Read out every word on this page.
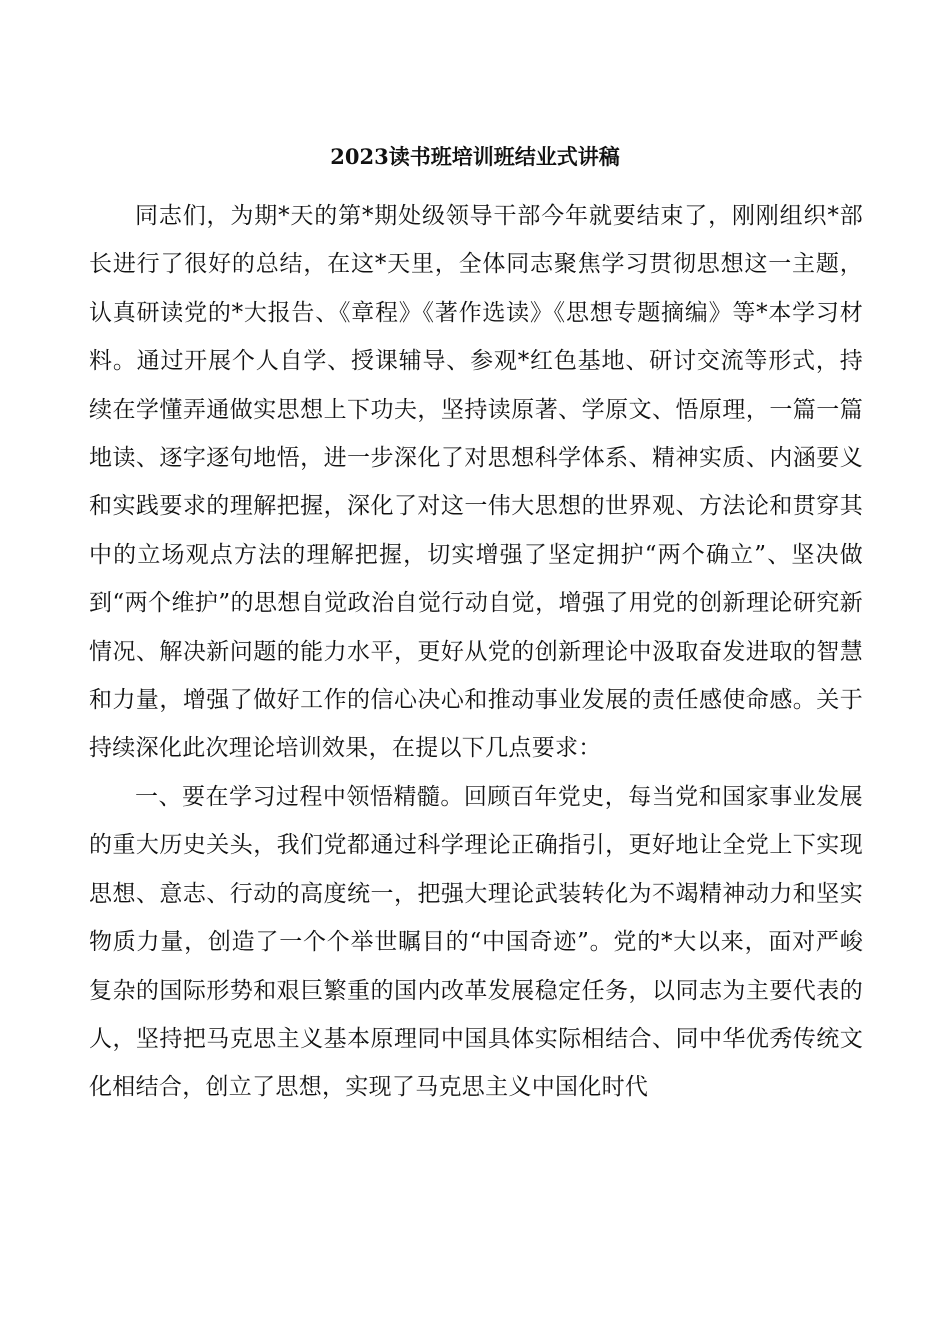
2023读书班培训班结业式讲稿

同志们，为期*天的第*期处级领导干部今年就要结束了，刚刚组织*部长进行了很好的总结，在这*天里，全体同志聚焦学习贯彻思想这一主题，认真研读党的*大报告、《章程》《著作选读》《思想专题摘编》等*本学习材料。通过开展个人自学、授课辅导、参观*红色基地、研讨交流等形式，持续在学懂弄通做实思想上下功夫，坚持读原著、学原文、悟原理，一篇一篇地读、逐字逐句地悟，进一步深化了对思想科学体系、精神实质、内涵要义和实践要求的理解把握，深化了对这一伟大思想的世界观、方法论和贯穿其中的立场观点方法的理解把握，切实增强了坚定拥护“两个确立”、坚决做到“两个维护”的思想自觉政治自觉行动自觉，增强了用党的创新理论研究新情况、解决新问题的能力水平，更好从党的创新理论中汲取奋发进取的智慧和力量，增强了做好工作的信心决心和推动事业发展的责任感使命感。关于持续深化此次理论培训效果，在提以下几点要求：

一、要在学习过程中领悟精髓。回顾百年党史，每当党和国家事业发展的重大历史关头，我们党都通过科学理论正确指引，更好地让全党上下实现思想、意志、行动的高度统一，把强大理论武装转化为不竭精神动力和坚实物质力量，创造了一个个举世瞩目的“中国奇迹”。党的*大以来，面对严峻复杂的国际形势和艰巨繁重的国内改革发展稳定任务，以同志为主要代表的人，坚持把马克思主义基本原理同中国具体实际相结合、同中华优秀传统文化相结合，创立了思想，实现了马克思主义中国化时代
